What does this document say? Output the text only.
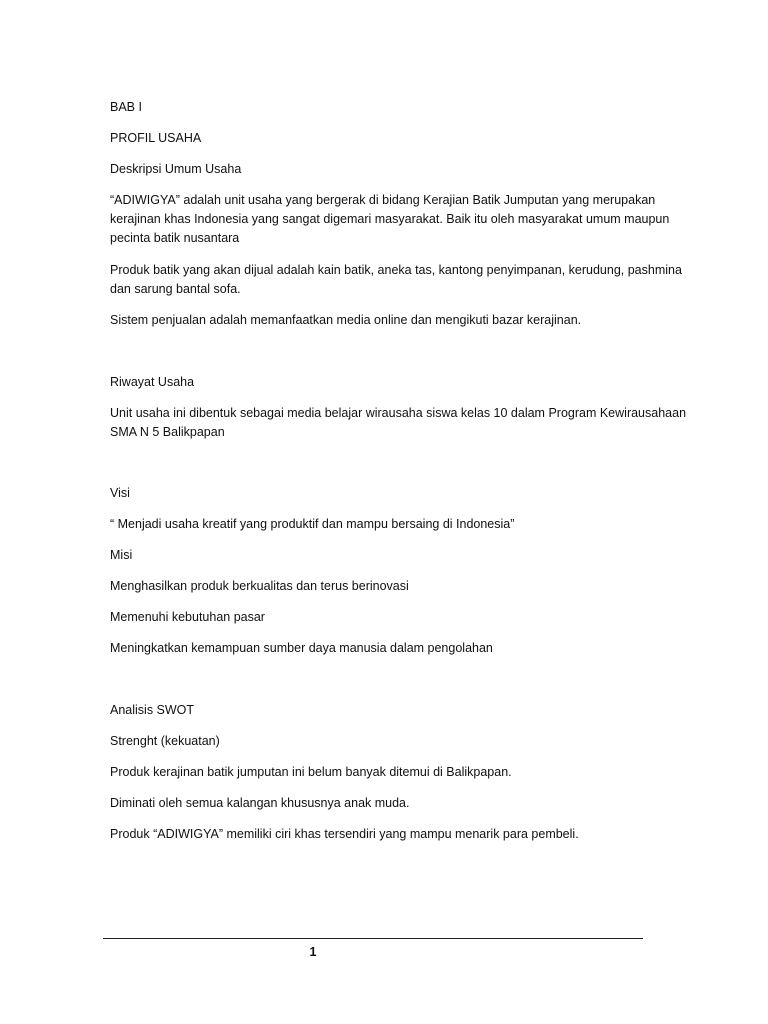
BAB I
PROFIL USAHA
Deskripsi Umum Usaha
“ADIWIGYA” adalah unit usaha yang bergerak di bidang Kerajian Batik Jumputan yang merupakan kerajinan khas Indonesia yang sangat digemari masyarakat. Baik itu oleh masyarakat umum maupun pecinta batik nusantara
Produk batik yang akan dijual adalah kain batik, aneka tas, kantong penyimpanan, kerudung, pashmina dan sarung bantal sofa.
Sistem penjualan adalah memanfaatkan media online dan mengikuti bazar kerajinan.
Riwayat Usaha
Unit usaha ini dibentuk sebagai media belajar wirausaha siswa kelas 10 dalam Program Kewirausahaan SMA N 5 Balikpapan
Visi
“ Menjadi usaha kreatif yang produktif dan mampu bersaing di Indonesia”
Misi
Menghasilkan produk berkualitas dan terus berinovasi
Memenuhi kebutuhan pasar
Meningkatkan kemampuan sumber daya manusia dalam pengolahan
Analisis SWOT
Strenght (kekuatan)
Produk kerajinan batik jumputan ini belum banyak ditemui di Balikpapan.
Diminati oleh semua kalangan khususnya anak muda.
Produk “ADIWIGYA” memiliki ciri khas tersendiri yang mampu menarik para pembeli.
1
